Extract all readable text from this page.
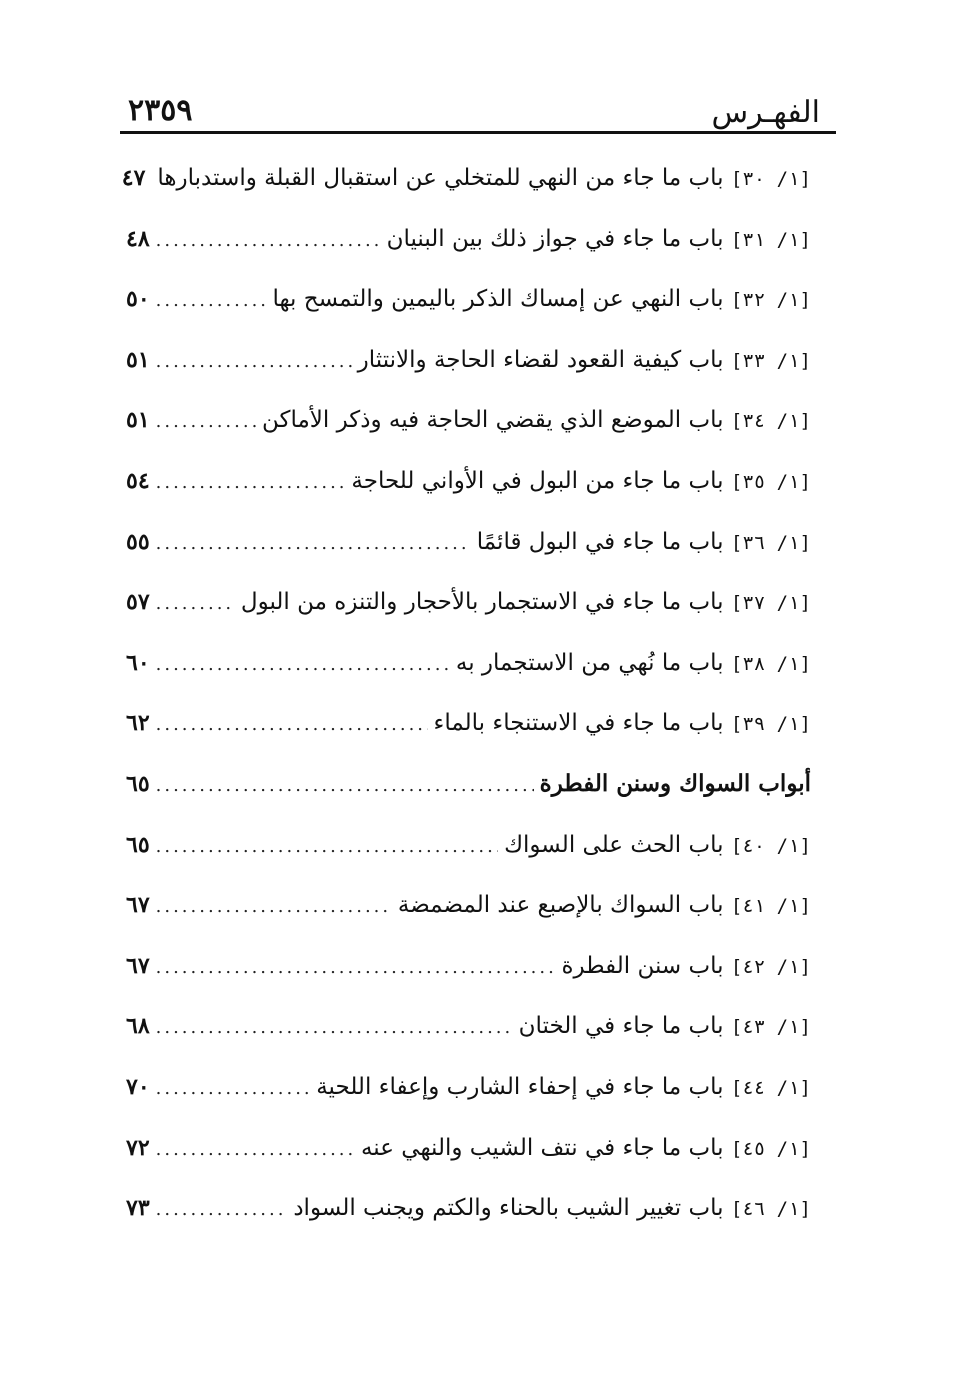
الفهـرس
٢٣٥٩
[١/ ٣٠] باب ما جاء من النهي للمتخلي عن استقبال القبلة واستدبارها
٤٧
[١/ ٣١] باب ما جاء في جواز ذلك بين البنيان
.....
٤٨
[١/ ٣٢] باب النهي عن إمساك الذكر باليمين والتمسح بها
.....
٥٠
[١/ ٣٣] باب كيفية القعود لقضاء الحاجة والانتثار
.....
٥١
[١/ ٣٤] باب الموضع الذي يقضي الحاجة فيه وذكر الأماكن
.....
٥١
[١/ ٣٥] باب ما جاء من البول في الأواني للحاجة
.....
٥٤
[١/ ٣٦] باب ما جاء في البول قائمًا
.....
٥٥
[١/ ٣٧] باب ما جاء في الاستجمار بالأحجار والتنزه من البول
.....
٥٧
[١/ ٣٨] باب ما نُهي من الاستجمار به
.....
٦٠
[١/ ٣٩] باب ما جاء في الاستنجاء بالماء
.....
٦٢
أبواب السواك وسنن الفطرة
.....
٦٥
[١/ ٤٠] باب الحث على السواك
.....
٦٥
[١/ ٤١] باب السواك بالإصبع عند المضمضة
.....
٦٧
[١/ ٤٢] باب سنن الفطرة
.....
٦٧
[١/ ٤٣] باب ما جاء في الختان
.....
٦٨
[١/ ٤٤] باب ما جاء في إحفاء الشارب وإعفاء اللحية
.....
٧٠
[١/ ٤٥] باب ما جاء في نتف الشيب والنهي عنه
.....
٧٢
[١/ ٤٦] باب تغيير الشيب بالحناء والكتم ويجنب السواد
.....
٧٣
